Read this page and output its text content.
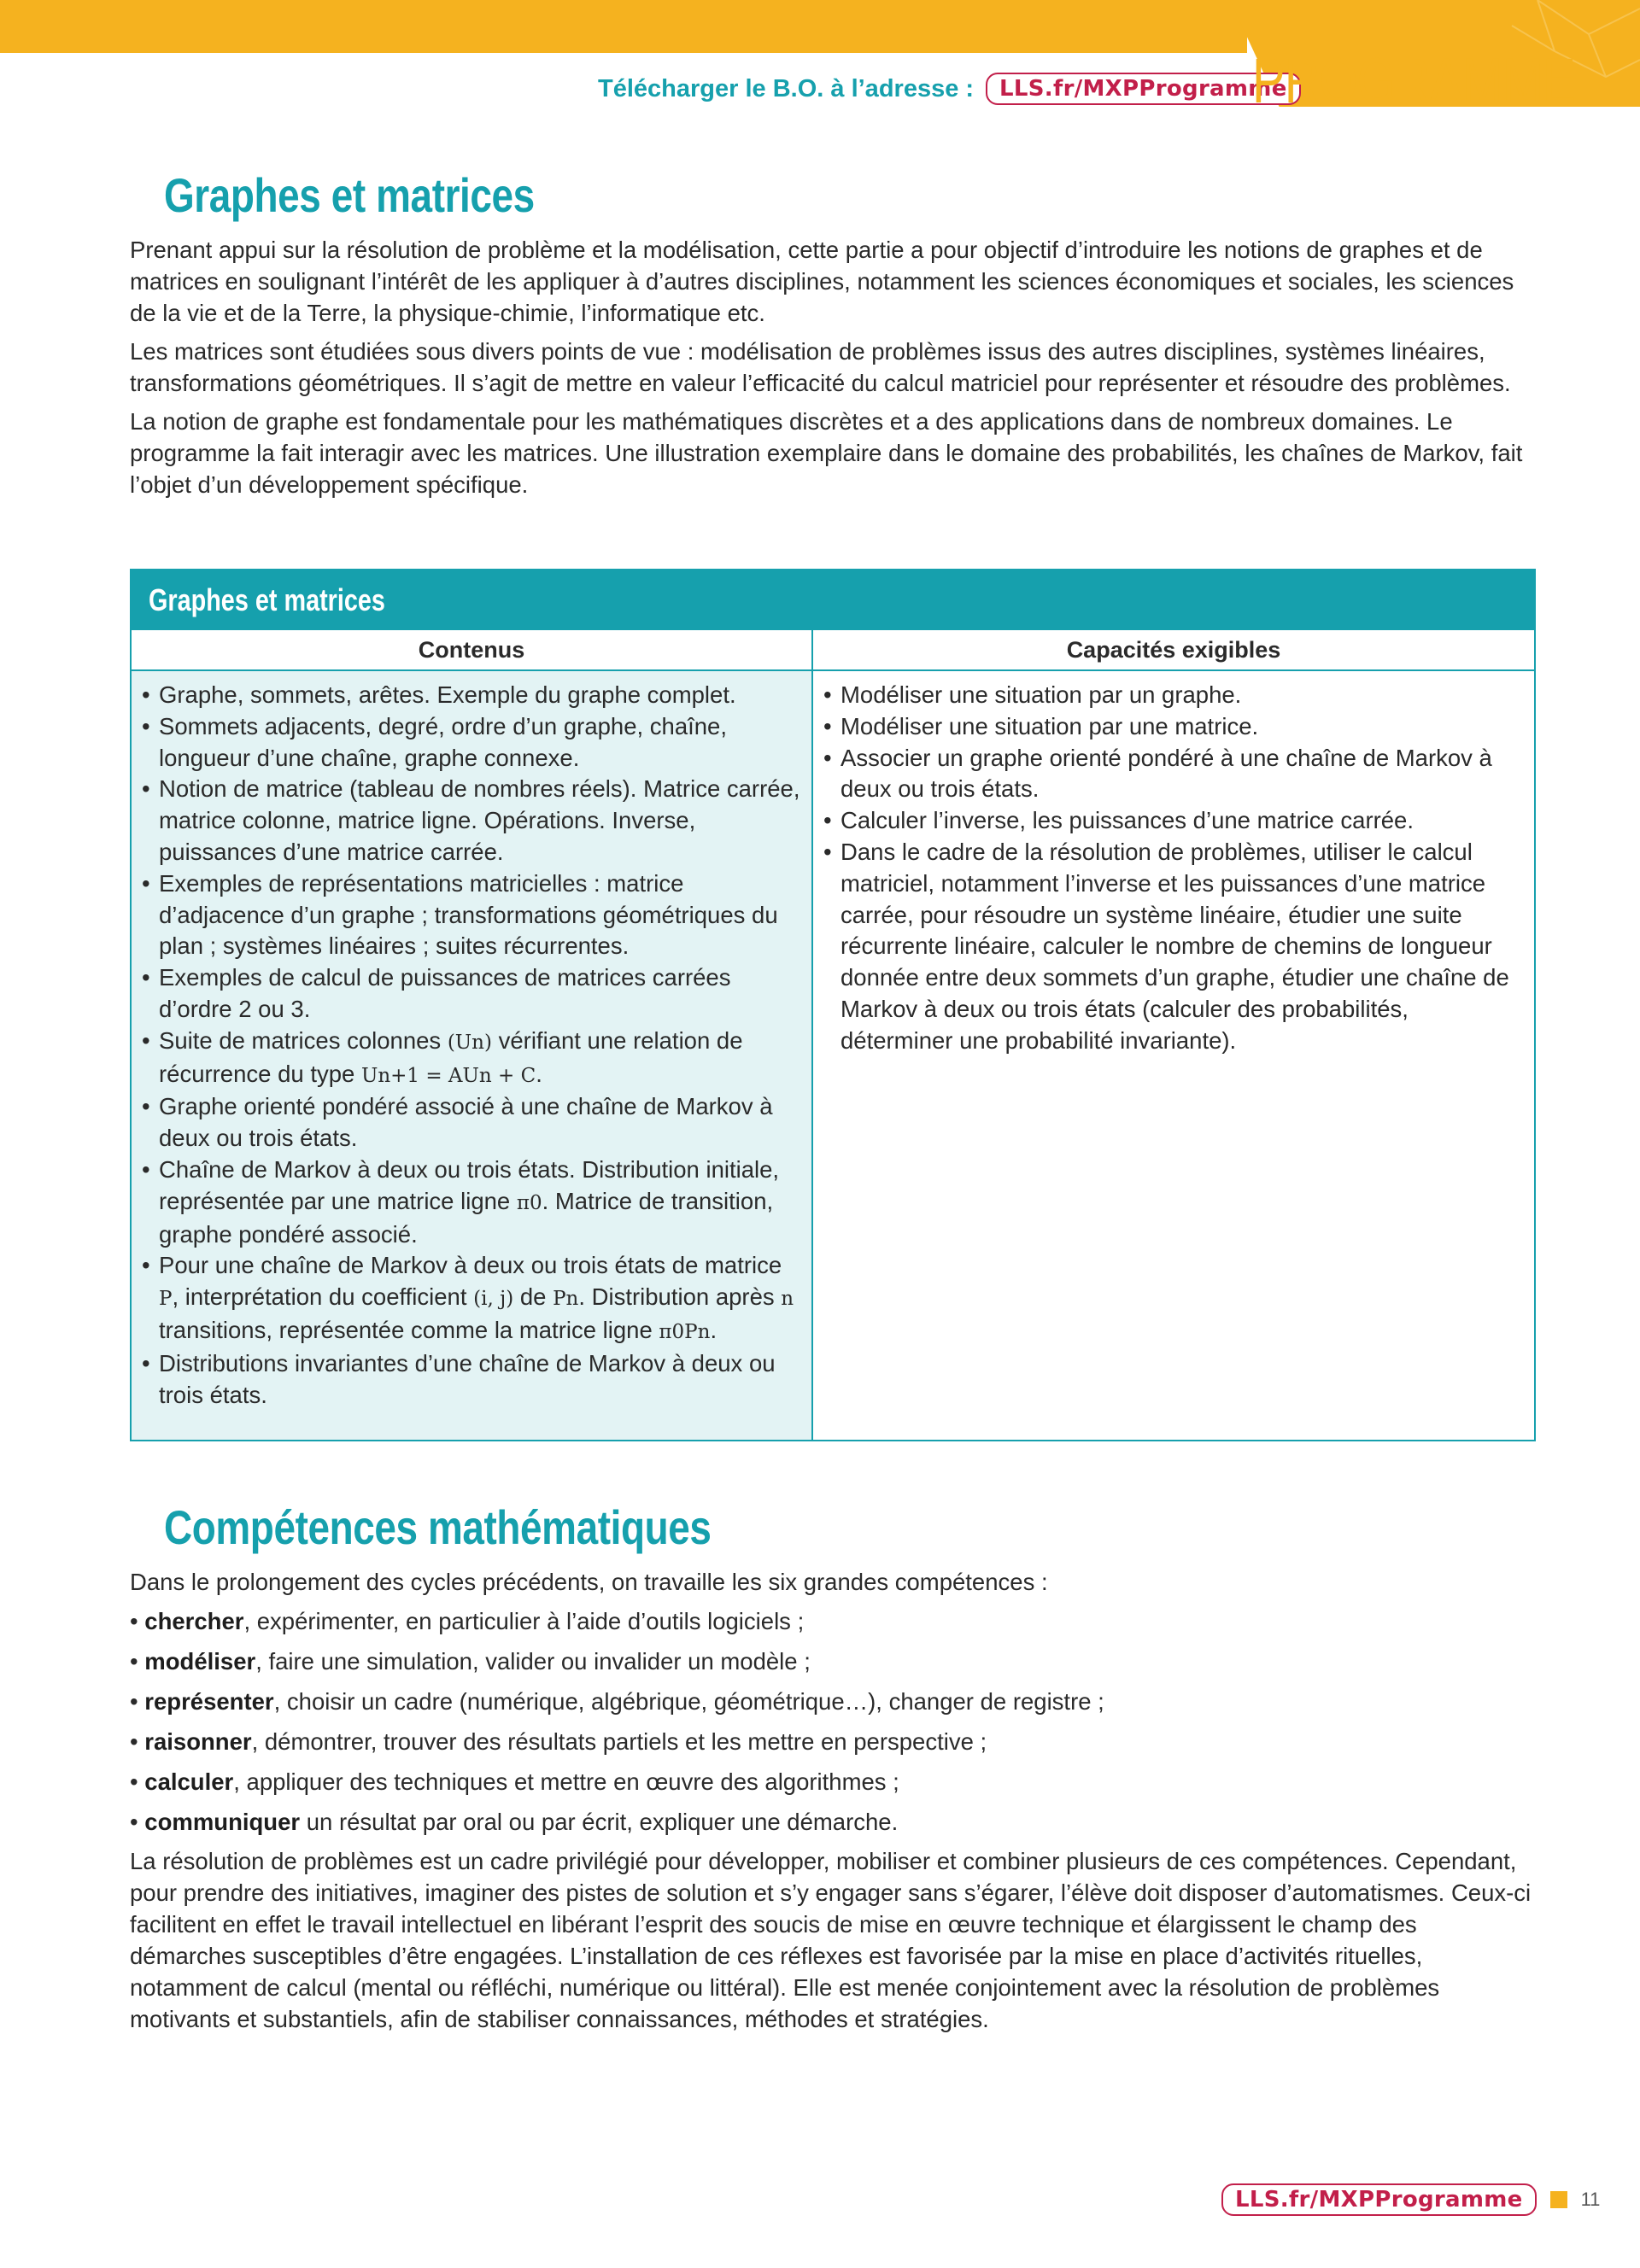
Télécharger le B.O. à l’adresse :	LLS.fr/MXPProgramme
PROGRAMME
Graphes et matrices

Prenant appui sur la résolution de problème et la modélisation, cette partie a pour objectif d’introduire les notions de graphes et de matrices en soulignant l’intérêt de les appliquer à d’autres disciplines, notamment les sciences économiques et sociales, les sciences de la vie et de la Terre, la physique-chimie, l’informatique etc.

Les matrices sont étudiées sous divers points de vue : modélisation de problèmes issus des autres disciplines, systèmes linéaires, transformations géométriques. Il s’agit de mettre en valeur l’efficacité du calcul matriciel pour représenter et résoudre des problèmes.

La notion de graphe est fondamentale pour les mathématiques discrètes et a des applications dans de nombreux domaines. Le programme la fait interagir avec les matrices. Une illustration exemplaire dans le domaine des probabilités, les chaînes de Markov, fait l’objet d’un développement spécifique.

Graphes et matrices
Contenus
• Graphe, sommets, arêtes. Exemple du graphe complet.
• Sommets adjacents, degré, ordre d’un graphe, chaîne, longueur d’une chaîne, graphe connexe.
• Notion de matrice (tableau de nombres réels). Matrice carrée, matrice colonne, matrice ligne. Opérations. Inverse, puissances d’une matrice carrée.
• Exemples de représentations matricielles : matrice d’adjacence d’un graphe ; transformations géométriques du plan ; systèmes linéaires ; suites récurrentes.
• Exemples de calcul de puissances de matrices carrées d’ordre 2 ou 3.
• Suite de matrices colonnes (Un) vérifiant une relation de récurrence du type Un+1 = AUn + C.
• Graphe orienté pondéré associé à une chaîne de Markov à deux ou trois états.
• Chaîne de Markov à deux ou trois états. Distribution initiale, représentée par une matrice ligne π0. Matrice de transition, graphe pondéré associé.
• Pour une chaîne de Markov à deux ou trois états de matrice P, interprétation du coefficient (i, j) de Pn. Distribution après n transitions, représentée comme la matrice ligne π0Pn.
• Distributions invariantes d’une chaîne de Markov à deux ou trois états.
Capacités exigibles
• Modéliser une situation par un graphe.
• Modéliser une situation par une matrice.
• Associer un graphe orienté pondéré à une chaîne de Markov à deux ou trois états.
• Calculer l’inverse, les puissances d’une matrice carrée.
• Dans le cadre de la résolution de problèmes, utiliser le calcul matriciel, notamment l’inverse et les puissances d’une matrice carrée, pour résoudre un système linéaire, étudier une suite récurrente linéaire, calculer le nombre de chemins de longueur donnée entre deux sommets d’un graphe, étudier une chaîne de Markov à deux ou trois états (calculer des probabilités, déterminer une probabilité invariante).
Compétences mathématiques

Dans le prolongement des cycles précédents, on travaille les six grandes compétences :

• chercher, expérimenter, en particulier à l’aide d’outils logiciels ;
• modéliser, faire une simulation, valider ou invalider un modèle ;
• représenter, choisir un cadre (numérique, algébrique, géométrique…), changer de registre ;
• raisonner, démontrer, trouver des résultats partiels et les mettre en perspective ;
• calculer, appliquer des techniques et mettre en œuvre des algorithmes ;
• communiquer un résultat par oral ou par écrit, expliquer une démarche.

La résolution de problèmes est un cadre privilégié pour développer, mobiliser et combiner plusieurs de ces compétences. Cependant, pour prendre des initiatives, imaginer des pistes de solution et s’y engager sans s’égarer, l’élève doit disposer d’automatismes. Ceux-ci facilitent en effet le travail intellectuel en libérant l’esprit des soucis de mise en œuvre technique et élargissent le champ des démarches susceptibles d’être engagées. L’installation de ces réflexes est favorisée par la mise en place d’activités rituelles, notamment de calcul (mental ou réfléchi, numérique ou littéral). Elle est menée conjointement avec la résolution de problèmes motivants et substantiels, afin de stabiliser connaissances, méthodes et stratégies.

LLS.fr/MXPProgramme	11
